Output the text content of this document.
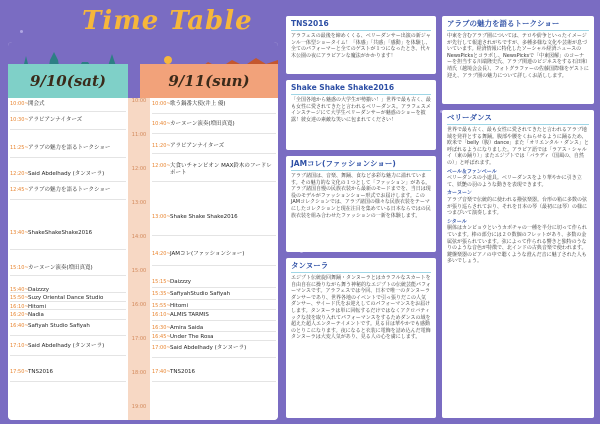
Time Table
9/10(sat)	9/11(sun)
10:00~ 開会式
10:30~ アラビアンナイターズ
11:25~ アラブの魅力を語るトークショー
12:20~ Said Abdelhady (タンヌーラ)
12:45~ アラブの魅力を語るトークショー
13:40~ ShakeShakeShake2016
15:10~ カーヌーン演奏(増田真寛)
15:40~ Daizzzy
15:50~ Suzy Oriental Dance Studio
16:10~ Hitomi
16:20~ Nadia
16:40~ Safiyah Studio Safiyah
17:10~ Said Abdelhady (タンヌーラ)
17:50~ TNS2016
10:00
11:00
12:00
13:00
14:00
15:00
16:00
17:00
18:00
19:00
10:00~ 歌う鍋番大使(井上 優)
10:40~ カーヌーン演奏(増田真寛)
11:20~ アラビアンナイターズ
12:00~ 大食いチャンピオン MAX鈴木のフードレポート
13:00~ Shake Shake Shake2016
14:20~ JAMコレ(ファッションショー)
15:15~ Daizzzy
15:35~ SafiyahStudio Safiyah
15:55~ Hitomi
16:10~ ALMIS TARMIS
16:30~ Amira Saida
16:45~ Under The Rosa
17:00~ Said Abdelhady (タンヌーラ)
17:40~ TNS2016
TNS2016

アラフェスの最後を締めくくる、ベリーダンサー出演の新ジャンル一体型ショータイム！「体感」「共感」「感動」を体験し、全てのパフォーマーと全てのゲストが１つになったとき、代々木公園の夜にアラビアンな魔法がかかります！

Shake Shake Shake2016

「全国各地から魅惑の大学生が勢揃い！」世界で最も古く、最も女性に愛されてきたと言われるベリーダンス。アラフェスメインステージにて大学生ベリーダンサーが魅惑のショーを披露！彼女達の素敵な笑いに包まれてください！

JAMコレ(ファッションショー)

アラブ諸国は、音楽、舞踊、食など多彩な魅力に溢れています。その魅力的な文化の１つとして「ファッション」がある。アラブ諸国自慢の民族衣装から最新のモードまでを、当日は現役のモデルがファッションショー形式でお届けします。このJAMコレクションでは、アラブ諸国の様々な民族衣装をテーマにしたコレクションと現在注目を集めている日本ならではの民族衣装を組み合わせたファッションの一新を体験します。

タンヌーラ

エジプト伝統旋回舞踊・タンヌーラとはカラフルなスカートを自由自在に操りながら舞う神秘的なエジプトの伝統芸能パフォーマンスです。アラフェスでは今回、日本で唯一のタンヌーラダンサーであり、世界各地のイベントで引っ張りだこの人気ダンサー、サイード氏をお迎えしてのパフォーマンスをお届けします。タンヌーラは単に回転するだけではなくアクロバティックな技を取り入れてパフォーマンスをするためダンスの域を超えた超人エンターテイメントです。見る目は華やかでも感動のとりこになります。夜になると衣装に電飾を詰め込んだ電飾タンヌーラは大変人気があり、見る人の心を虜にします。

アラブの魅力を語るトークショー

中東を含むアラブ圏については、テロや紛争といったイメージが先行して報道されがちですが、多種多様な文化や芸術が息づいています。経済情報に特化したソーシャル経済ニュースのNewsPicksとコラボし、NewsPicksで「中東図解」のコーナーを担当する川端隆史氏、アラブ関連のビジネスをする石田和靖氏（越境会会長）、フォトグラファーの佐藤国際様をゲストに迎え、アラブ圏の魅力について詳しくお話しします。

ベリーダンス

世界で最も古く、最も女性に愛されてきたと言われるアラブ地域を発祥とする舞踊。腹部や腰をくねらせるように踊るため、欧米で「belly（腹）dance」また「オリエンタル・ダンス」と呼ばれるようになりました。アラビア語では「ラアス・シャルイ（東の踊り）」またエジプトでは「バラディ（国風の、自然の）」と呼ばれます。

ベール＆ファンベール

ベリーダンスの小道具。ベリーダンスをより華やかに引き立て、妖艶の羽のような動きを表現できます。

カーヌーン

アラブ音楽で伝統的に使われる撥弦楽器。台形の箱に多数の弦が張り巡らされており、それを日本の琴（最初には琴）の様につまびいて演奏します。

シタール

胴体はカンピョウというカボチャの一種を半分に切って作られています。棒の部分には２０数個のフレットがあり、多数の金属弦が張られています。弦によって作られる響きと独特のうなりのような音色が特徴で、北インドの古典音楽で使われます。鍵盤楽器のピアノの中で聴くような澄んだ音に魅了された人も多いでしょう。
